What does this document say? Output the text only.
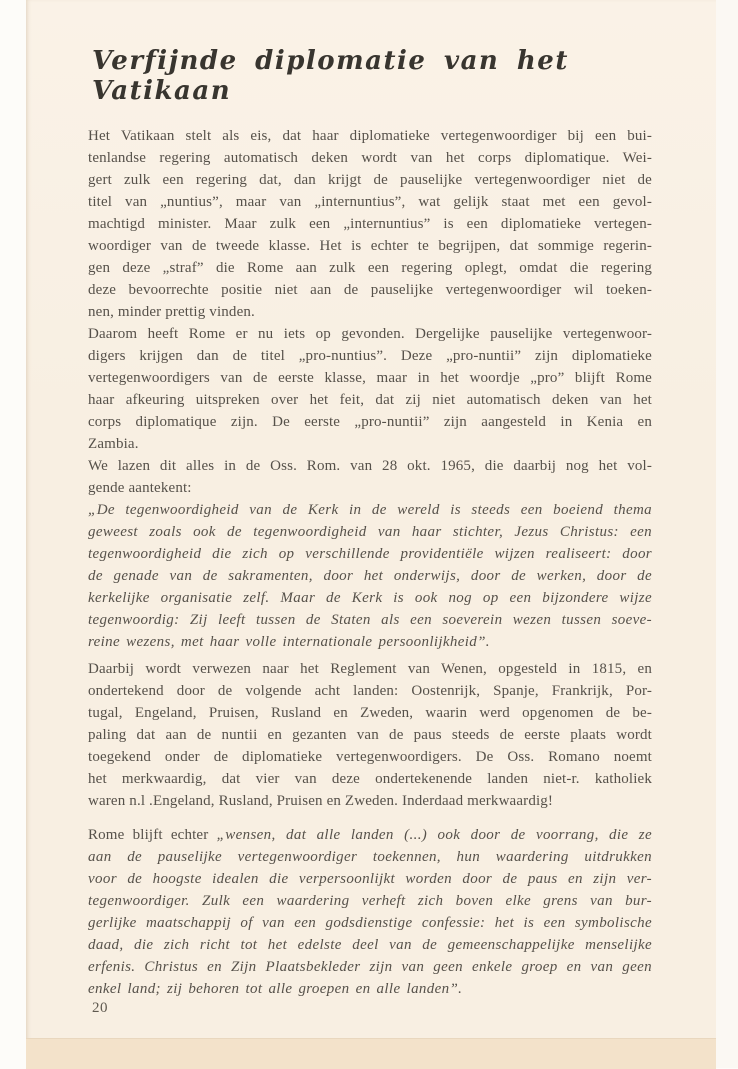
Verfijnde diplomatie van het Vatikaan
Het Vatikaan stelt als eis, dat haar diplomatieke vertegenwoordiger bij een bui-
tenlandse regering automatisch deken wordt van het corps diplomatique. Wei-
gert zulk een regering dat, dan krijgt de pauselijke vertegenwoordiger niet de
titel van „nuntius”, maar van „internuntius”, wat gelijk staat met een gevol-
machtigd minister. Maar zulk een „internuntius” is een diplomatieke vertegen-
woordiger van de tweede klasse. Het is echter te begrijpen, dat sommige regerin-
gen deze „straf” die Rome aan zulk een regering oplegt, omdat die regering
deze bevoorrechte positie niet aan de pauselijke vertegenwoordiger wil toeken-
nen, minder prettig vinden.
Daarom heeft Rome er nu iets op gevonden. Dergelijke pauselijke vertegenwoor-
digers krijgen dan de titel „pro-nuntius”. Deze „pro-nuntii” zijn diplomatieke
vertegenwoordigers van de eerste klasse, maar in het woordje „pro” blijft Rome
haar afkeuring uitspreken over het feit, dat zij niet automatisch deken van het
corps diplomatique zijn. De eerste „pro-nuntii” zijn aangesteld in Kenia en
Zambia.
We lazen dit alles in de Oss. Rom. van 28 okt. 1965, die daarbij nog het vol-
gende aantekent:
„De tegenwoordigheid van de Kerk in de wereld is steeds een boeiend thema
geweest zoals ook de tegenwoordigheid van haar stichter, Jezus Christus: een
tegenwoordigheid die zich op verschillende providentiële wijzen realiseert: door
de genade van de sakramenten, door het onderwijs, door de werken, door de
kerkelijke organisatie zelf. Maar de Kerk is ook nog op een bijzondere wijze
tegenwoordig: Zij leeft tussen de Staten als een soeverein wezen tussen soeve-
reine wezens, met haar volle internationale persoonlijkheid”.
Daarbij wordt verwezen naar het Reglement van Wenen, opgesteld in 1815, en
ondertekend door de volgende acht landen: Oostenrijk, Spanje, Frankrijk, Por-
tugal, Engeland, Pruisen, Rusland en Zweden, waarin werd opgenomen de be-
paling dat aan de nuntii en gezanten van de paus steeds de eerste plaats wordt
toegekend onder de diplomatieke vertegenwoordigers. De Oss. Romano noemt
het merkwaardig, dat vier van deze ondertekenende landen niet-r. katholiek
waren n.l .Engeland, Rusland, Pruisen en Zweden. Inderdaad merkwaardig!
Rome blijft echter „wensen, dat alle landen (...) ook door de voorrang, die ze
aan de pauselijke vertegenwoordiger toekennen, hun waardering uitdrukken
voor de hoogste idealen die verpersoonlijkt worden door de paus en zijn ver-
tegenwoordiger. Zulk een waardering verheft zich boven elke grens van bur-
gerlijke maatschappij of van een godsdienstige confessie: het is een symbolische
daad, die zich richt tot het edelste deel van de gemeenschappelijke menselijke
erfenis. Christus en Zijn Plaatsbekleder zijn van geen enkele groep en van geen
enkel land; zij behoren tot alle groepen en alle landen”.
20
